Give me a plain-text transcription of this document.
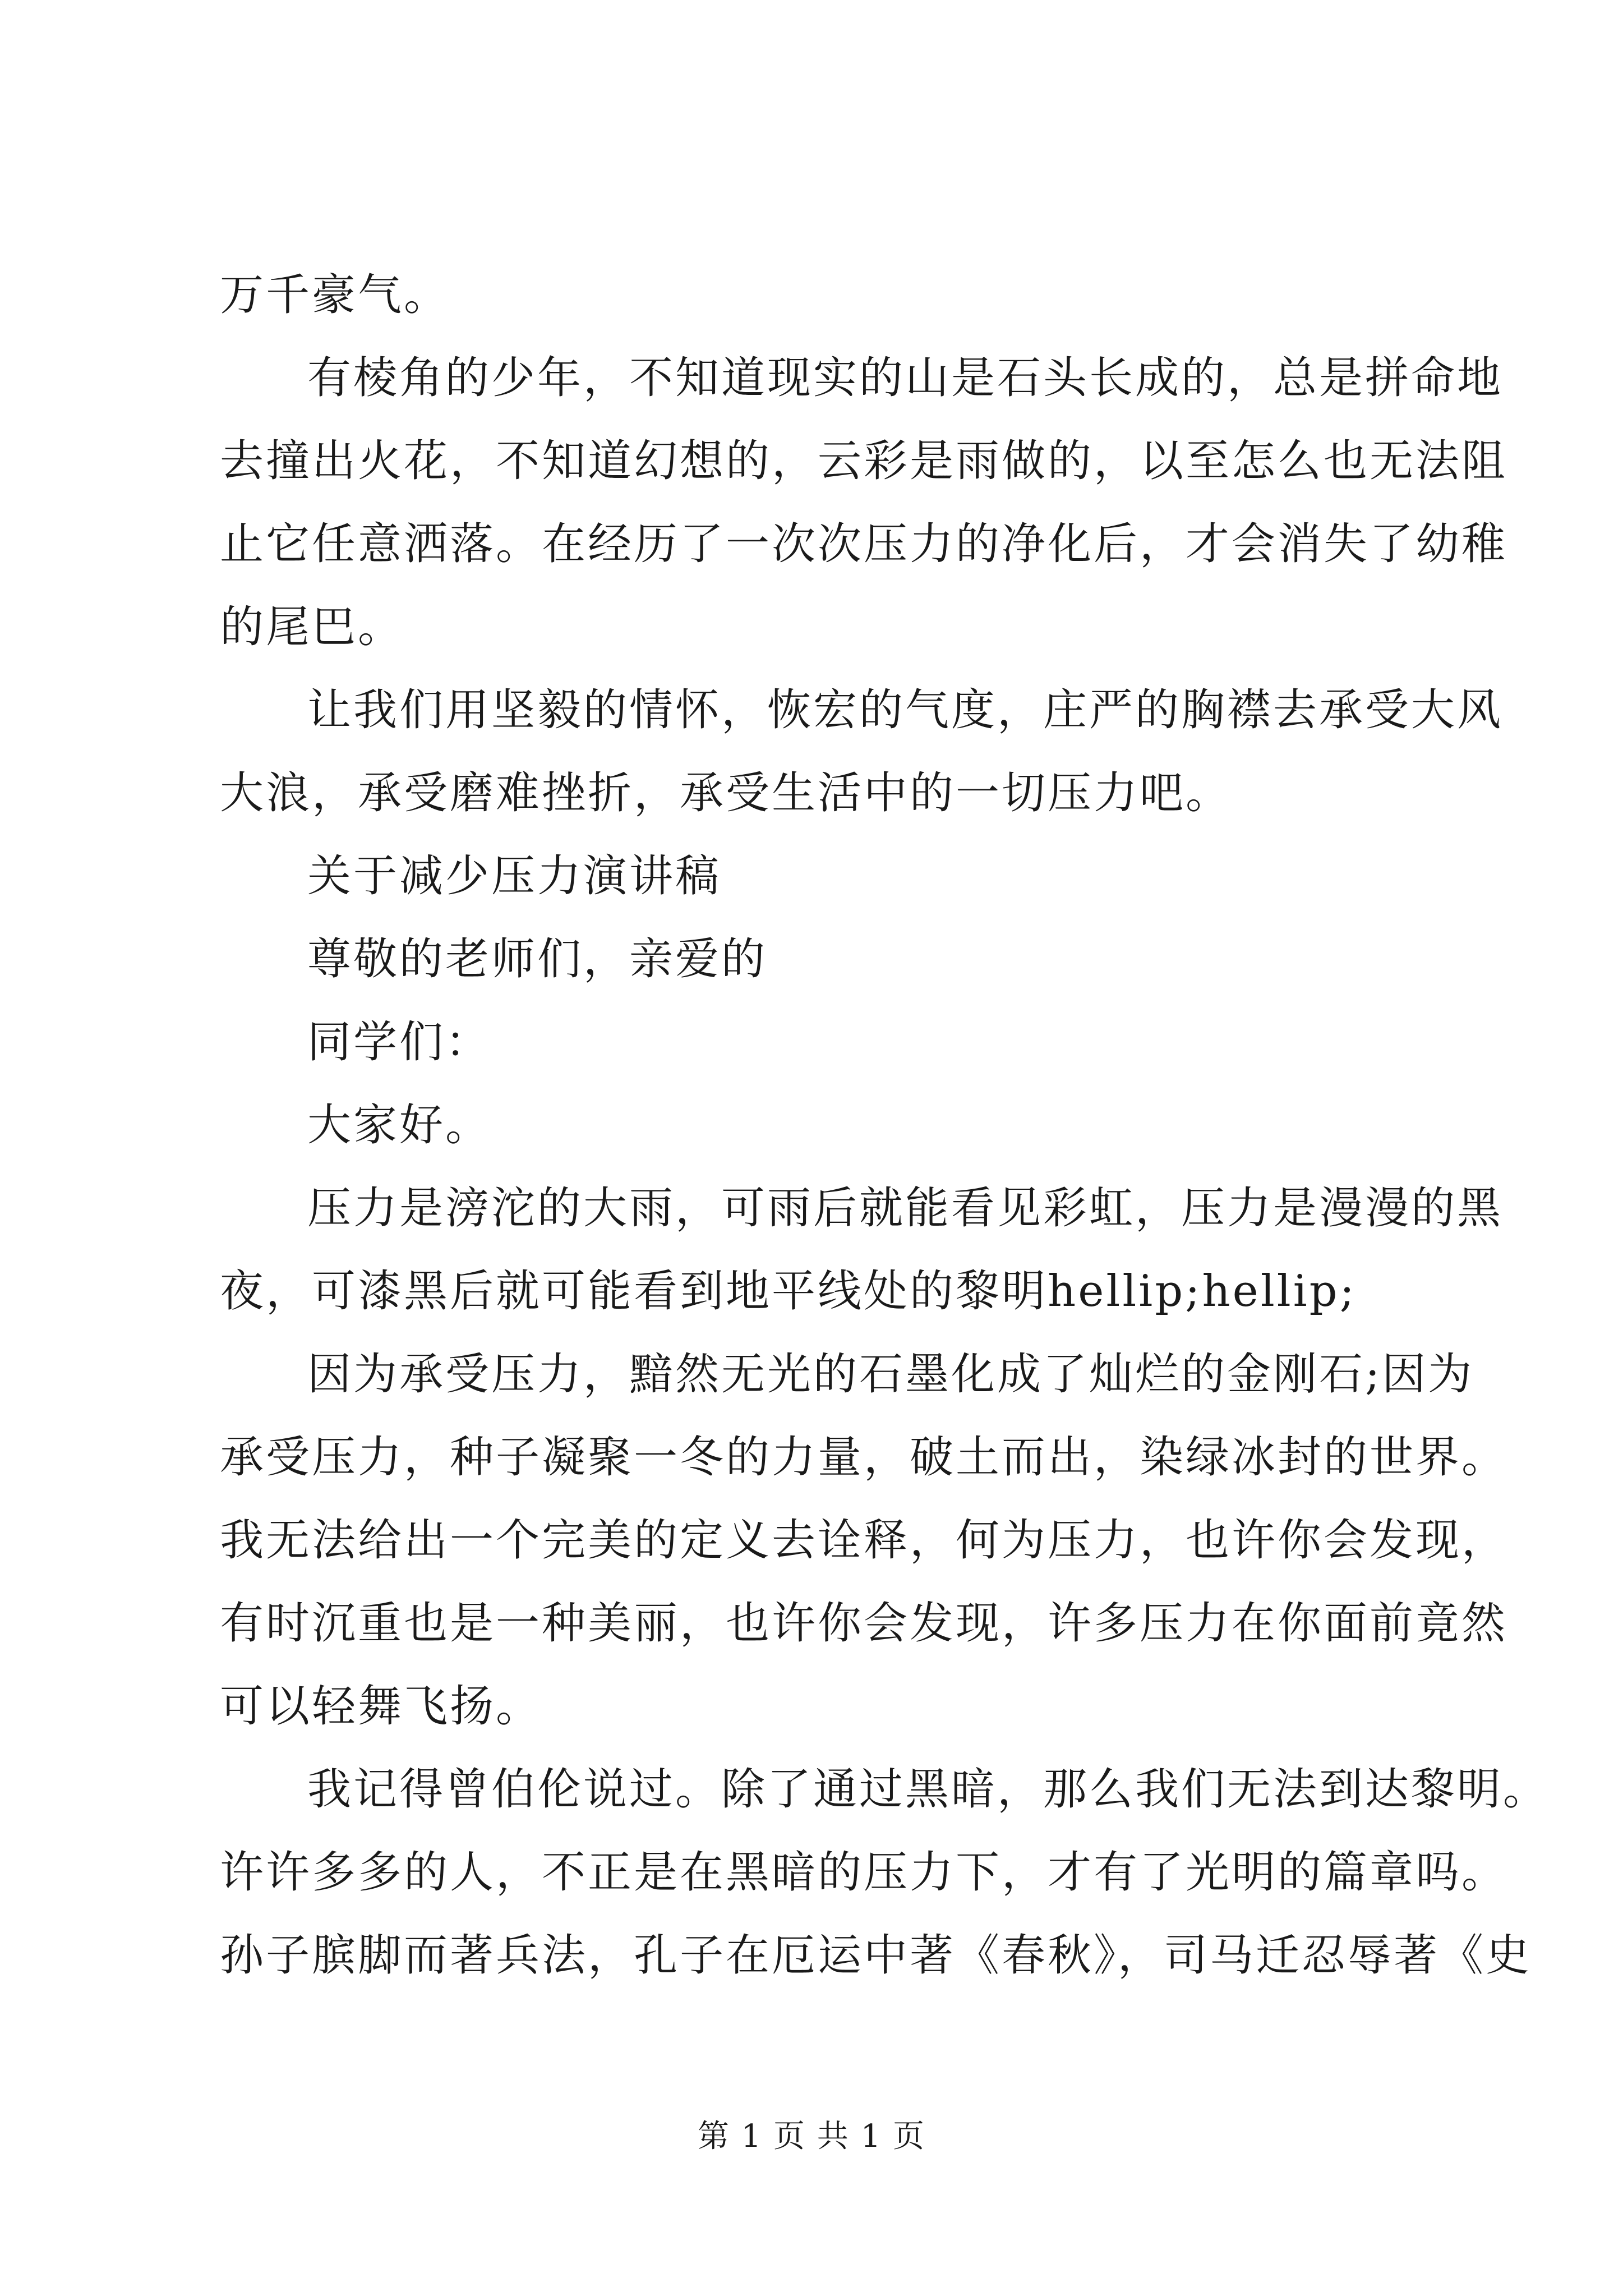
万千豪气。

有棱角的少年，不知道现实的山是石头长成的，总是拼命地
去撞出火花，不知道幻想的，云彩是雨做的，以至怎么也无法阻
止它任意洒落。在经历了一次次压力的净化后，才会消失了幼稚
的尾巴。

让我们用坚毅的情怀，恢宏的气度，庄严的胸襟去承受大风
大浪，承受磨难挫折，承受生活中的一切压力吧。

关于减少压力演讲稿

尊敬的老师们，亲爱的

同学们：

大家好。

压力是滂沱的大雨，可雨后就能看见彩虹，压力是漫漫的黑
夜，可漆黑后就可能看到地平线处的黎明hellip;hellip;

因为承受压力，黯然无光的石墨化成了灿烂的金刚石;因为
承受压力，种子凝聚一冬的力量，破土而出，染绿冰封的世界。
我无法给出一个完美的定义去诠释，何为压力，也许你会发现，
有时沉重也是一种美丽，也许你会发现，许多压力在你面前竟然
可以轻舞飞扬。

我记得曾伯伦说过。除了通过黑暗，那么我们无法到达黎明。
许许多多的人，不正是在黑暗的压力下，才有了光明的篇章吗。
孙子膑脚而著兵法，孔子在厄运中著《春秋》，司马迁忍辱著《史

第 1 页 共 1 页
